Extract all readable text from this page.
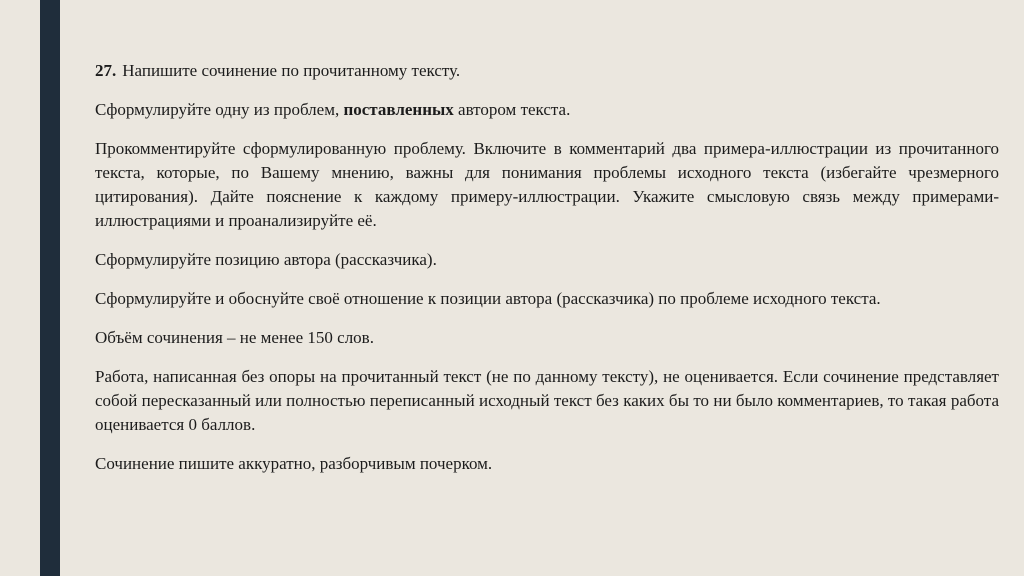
27. Напишите сочинение по прочитанному тексту.

Сформулируйте одну из проблем, поставленных автором текста.

Прокомментируйте сформулированную проблему. Включите в комментарий два примера-иллюстрации из прочитанного текста, которые, по Вашему мнению, важны для понимания проблемы исходного текста (избегайте чрезмерного цитирования). Дайте пояснение к каждому примеру-иллюстрации. Укажите смысловую связь между примерами-иллюстрациями и проанализируйте её.

Сформулируйте позицию автора (рассказчика).

Сформулируйте и обоснуйте своё отношение к позиции автора (рассказчика) по проблеме исходного текста.

Объём сочинения – не менее 150 слов.

Работа, написанная без опоры на прочитанный текст (не по данному тексту), не оценивается. Если сочинение представляет собой пересказанный или полностью переписанный исходный текст без каких бы то ни было комментариев, то такая работа оценивается 0 баллов.

Сочинение пишите аккуратно, разборчивым почерком.
